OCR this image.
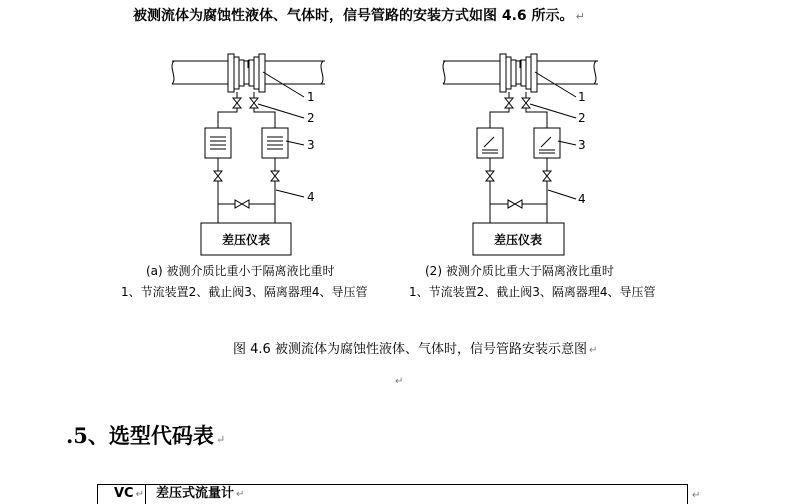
被测流体为腐蚀性液体、气体时，信号管路的安装方式如图 4.6 所示。 ↵
差压仪表
1
2
3
4
(a) 被测介质比重小于隔离液比重时
1、节流装置2、截止阀3、隔离器理4、导压管
差压仪表
1
2
3
4
(2) 被测介质比重大于隔离液比重时
1、节流装置2、截止阀3、隔离器理4、导压管
图 4.6 被测流体为腐蚀性液体、气体时，信号管路安装示意图 ↵
↵
.5、选型代码表 ↵
VC ↵ 差压式流量计 ↵	↵
